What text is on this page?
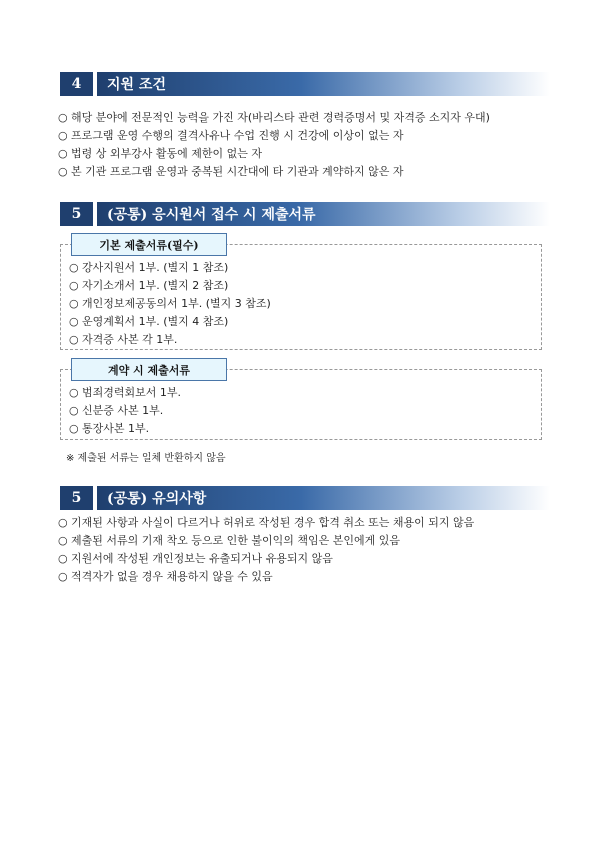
4	지원 조건
○ 해당 분야에 전문적인 능력을 가진 자(바리스타 관련 경력증명서 및 자격증 소지자 우대)
○ 프로그램 운영 수행의 결격사유나 수업 진행 시 건강에 이상이 없는 자
○ 법령 상 외부강사 활동에 제한이 없는 자
○ 본 기관 프로그램 운영과 중복된 시간대에 타 기관과 계약하지 않은 자
5	(공통) 응시원서 접수 시 제출서류
기본 제출서류(필수)
○ 강사지원서 1부. (별지 1 참조)
○ 자기소개서 1부. (별지 2 참조)
○ 개인정보제공동의서 1부. (별지 3 참조)
○ 운영계획서 1부. (별지 4 참조)
○ 자격증 사본 각 1부.
계약 시 제출서류
○ 범죄경력회보서 1부.
○ 신분증 사본 1부.
○ 통장사본 1부.
※ 제출된 서류는 일체 반환하지 않음
5	(공통) 유의사항
○ 기재된 사항과 사실이 다르거나 허위로 작성된 경우 합격 취소 또는 채용이 되지 않음
○ 제출된 서류의 기재 착오 등으로 인한 불이익의 책임은 본인에게 있음
○ 지원서에 작성된 개인정보는 유출되거나 유용되지 않음
○ 적격자가 없을 경우 채용하지 않을 수 있음
